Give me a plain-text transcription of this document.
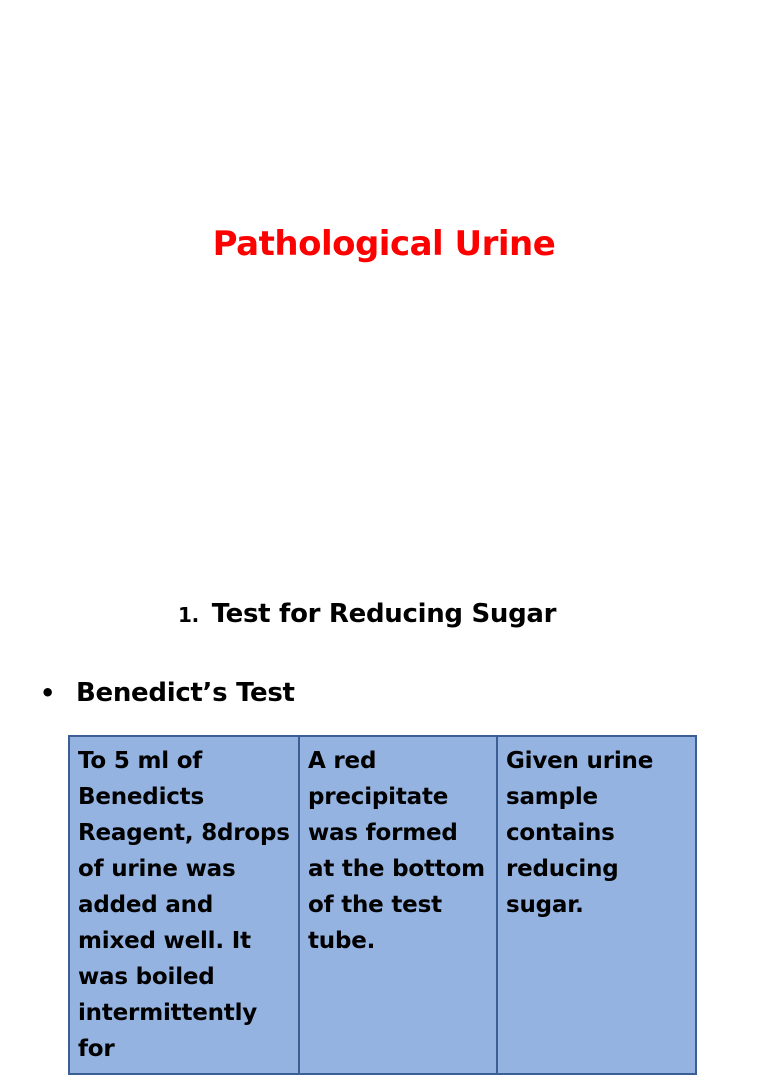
Pathological Urine
1. Test for Reducing Sugar
• Benedict’s Test
To 5 ml of Benedicts Reagent, 8drops of urine was added and mixed well. It was boiled intermittently for	A red precipitate was formed at the bottom of the test tube.	Given urine sample contains reducing sugar.
